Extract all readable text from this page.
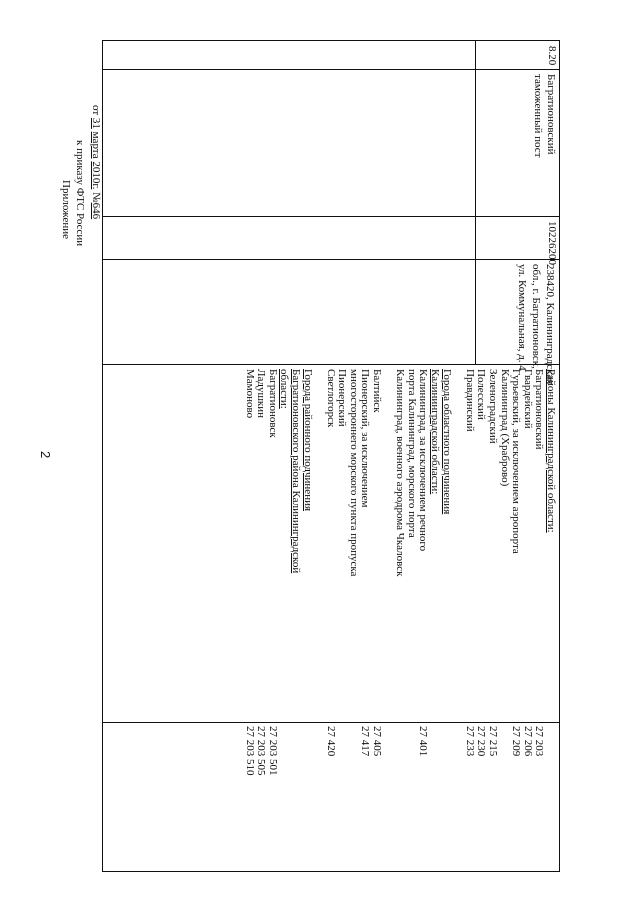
2
Приложение к приказу ФТС России
от 31 марта 2010г. №646
8.20
Багратионовский
таможенный пост
10226200
238420, Калининградская
обл., г. Багратионовск,
ул. Коммунальная, д. 4
Районы Калининградской области:
Багратионовский
Гвардейский
Гурьевский, за исключением аэропорта
Калининград (Храброво)
Зеленоградский
Полесский
Правдинский
Города областного подчинения
Калининградской области:
Калининград, за исключением речного
порта Калининград, морского порта
Калининград, военного аэродрома Чкаловск
Балтийск
Пионерский, за исключением
многостороннего морского пункта пропуска
Пионерский
Светлогорск
Города районного подчинения
Багратионовского района Калининградской
области:
Багратионовск
Ладушкин
Мамоново
27 203
27 206
27 209
27 215
27 230
27 233
27 401
27 405
27 417
27 420
27 203 501
27 203 505
27 203 510
